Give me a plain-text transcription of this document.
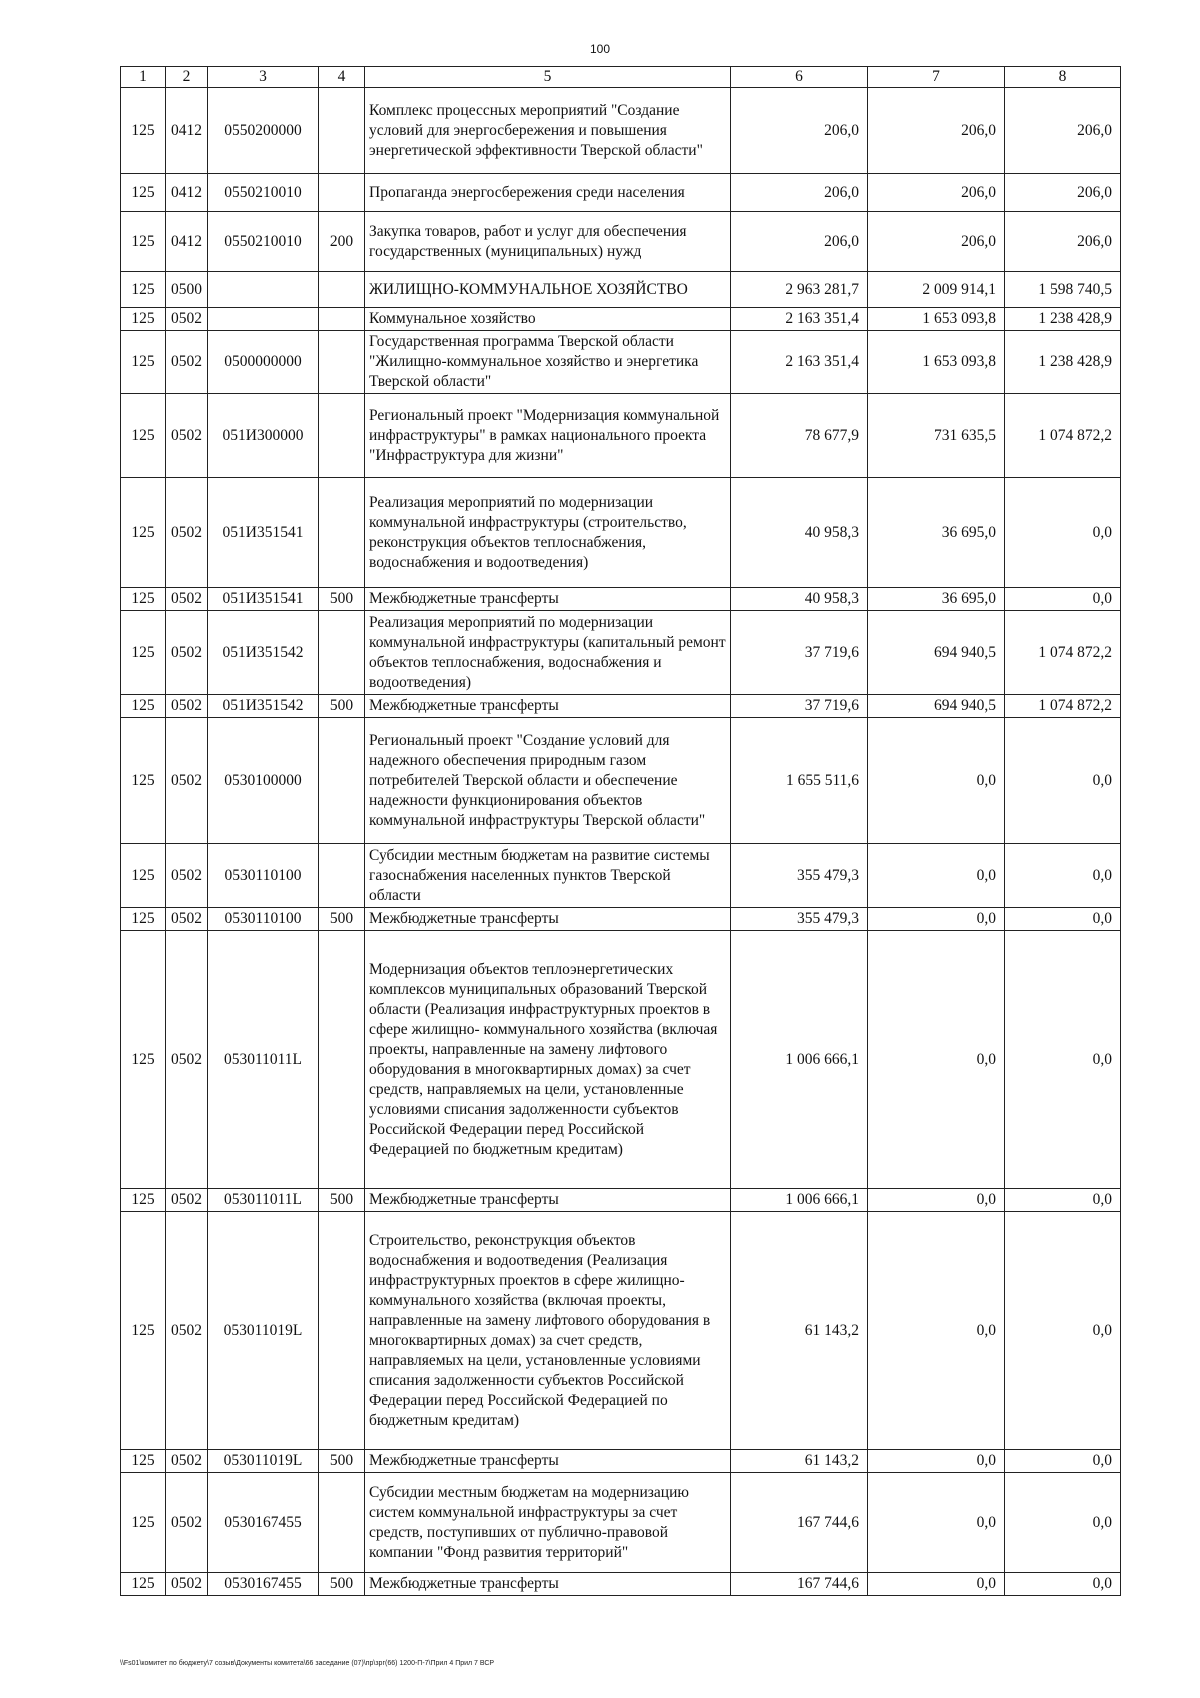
100
1	2	3	4	5	6	7	8
125	0412	0550200000		Комплекс процессных мероприятий "Создание условий для энергосбережения и повышения энергетической эффективности Тверской области"	206,0	206,0	206,0
125	0412	0550210010		Пропаганда энергосбережения среди населения	206,0	206,0	206,0
125	0412	0550210010	200	Закупка товаров, работ и услуг для обеспечения государственных (муниципальных) нужд	206,0	206,0	206,0
125	0500			ЖИЛИЩНО-КОММУНАЛЬНОЕ ХОЗЯЙСТВО	2 963 281,7	2 009 914,1	1 598 740,5
125	0502			Коммунальное хозяйство	2 163 351,4	1 653 093,8	1 238 428,9
125	0502	0500000000		Государственная программа Тверской области "Жилищно-коммунальное хозяйство и энергетика Тверской области"	2 163 351,4	1 653 093,8	1 238 428,9
125	0502	051И300000		Региональный проект "Модернизация коммунальной инфраструктуры" в рамках национального проекта "Инфраструктура для жизни"	78 677,9	731 635,5	1 074 872,2
125	0502	051И351541		Реализация мероприятий по модернизации коммунальной инфраструктуры (строительство, реконструкция объектов теплоснабжения, водоснабжения и водоотведения)	40 958,3	36 695,0	0,0
125	0502	051И351541	500	Межбюджетные трансферты	40 958,3	36 695,0	0,0
125	0502	051И351542		Реализация мероприятий по модернизации коммунальной инфраструктуры (капитальный ремонт объектов теплоснабжения, водоснабжения и водоотведения)	37 719,6	694 940,5	1 074 872,2
125	0502	051И351542	500	Межбюджетные трансферты	37 719,6	694 940,5	1 074 872,2
125	0502	0530100000		Региональный проект "Создание условий для надежного обеспечения природным газом потребителей Тверской области и обеспечение надежности функционирования объектов коммунальной инфраструктуры Тверской области"	1 655 511,6	0,0	0,0
125	0502	0530110100		Субсидии местным бюджетам на развитие системы газоснабжения населенных пунктов Тверской области	355 479,3	0,0	0,0
125	0502	0530110100	500	Межбюджетные трансферты	355 479,3	0,0	0,0
125	0502	053011011L		Модернизация объектов теплоэнергетических комплексов муниципальных образований Тверской области (Реализация инфраструктурных проектов в сфере жилищно- коммунального хозяйства (включая проекты, направленные на замену лифтового оборудования в многоквартирных домах) за счет средств, направляемых на цели, установленные условиями списания задолженности субъектов Российской Федерации перед Российской Федерацией по бюджетным кредитам)	1 006 666,1	0,0	0,0
125	0502	053011011L	500	Межбюджетные трансферты	1 006 666,1	0,0	0,0
125	0502	053011019L		Строительство, реконструкция объектов водоснабжения и водоотведения (Реализация инфраструктурных проектов в сфере жилищно-коммунального хозяйства (включая проекты, направленные на замену лифтового оборудования в многоквартирных домах) за счет средств, направляемых на цели, установленные условиями списания задолженности субъектов Российской Федерации перед Российской Федерацией по бюджетным кредитам)	61 143,2	0,0	0,0
125	0502	053011019L	500	Межбюджетные трансферты	61 143,2	0,0	0,0
125	0502	0530167455		Субсидии местным бюджетам на модернизацию систем коммунальной инфраструктуры за счет средств, поступивших от публично-правовой компании "Фонд развития территорий"	167 744,6	0,0	0,0
125	0502	0530167455	500	Межбюджетные трансферты	167 744,6	0,0	0,0
\\Fs01\комитет по бюджету\7 созыв\Документы комитета\66 заседание (07)\пр\зрг(66) 1200-П-7\Прил 4 Прил 7 ВСР
